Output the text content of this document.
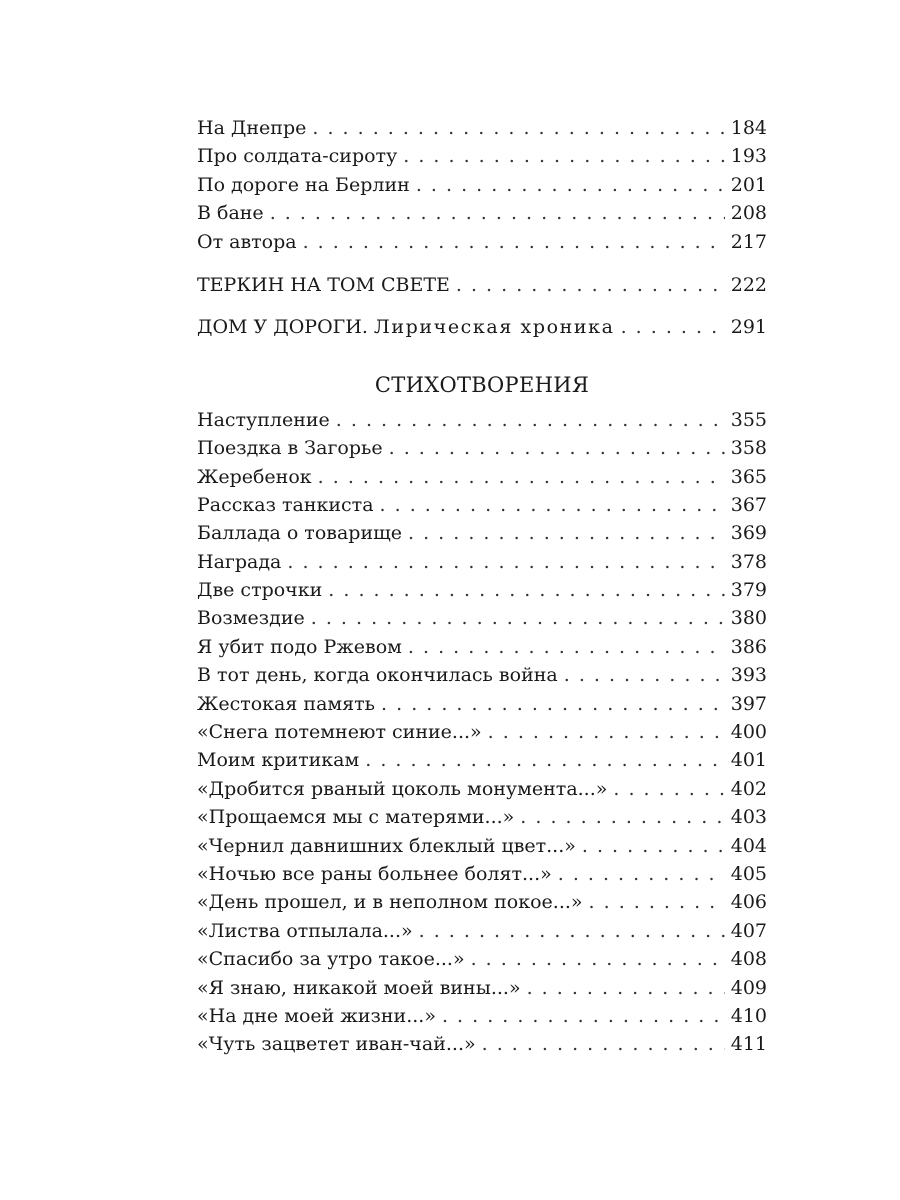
На Днепре . . .	184
Про солдата-сироту . . .	193
По дороге на Берлин . . .	201
В бане . . .	208
От автора . . .	217
ТЕРКИН НА ТОМ СВЕТЕ . . .	222
ДОМ У ДОРОГИ. Лирическая хроника . . .	291
СТИХОТВОРЕНИЯ
Наступление . . .	355
Поездка в Загорье . . .	358
Жеребенок . . .	365
Рассказ танкиста . . .	367
Баллада о товарище . . .	369
Награда . . .	378
Две строчки . . .	379
Возмездие . . .	380
Я убит подо Ржевом . . .	386
В тот день, когда окончилась война . . .	393
Жестокая память . . .	397
«Снега потемнеют синие...» . . .	400
Моим критикам . . .	401
«Дробится рваный цоколь монумента...» . . .	402
«Прощаемся мы с матерями...» . . .	403
«Чернил давнишних блеклый цвет...» . . .	404
«Ночью все раны больнее болят...» . . .	405
«День прошел, и в неполном покое...» . . .	406
«Листва отпылала...» . . .	407
«Спасибо за утро такое...» . . .	408
«Я знаю, никакой моей вины...» . . .	409
«На дне моей жизни...» . . .	410
«Чуть зацветет иван-чай...» . . .	411
